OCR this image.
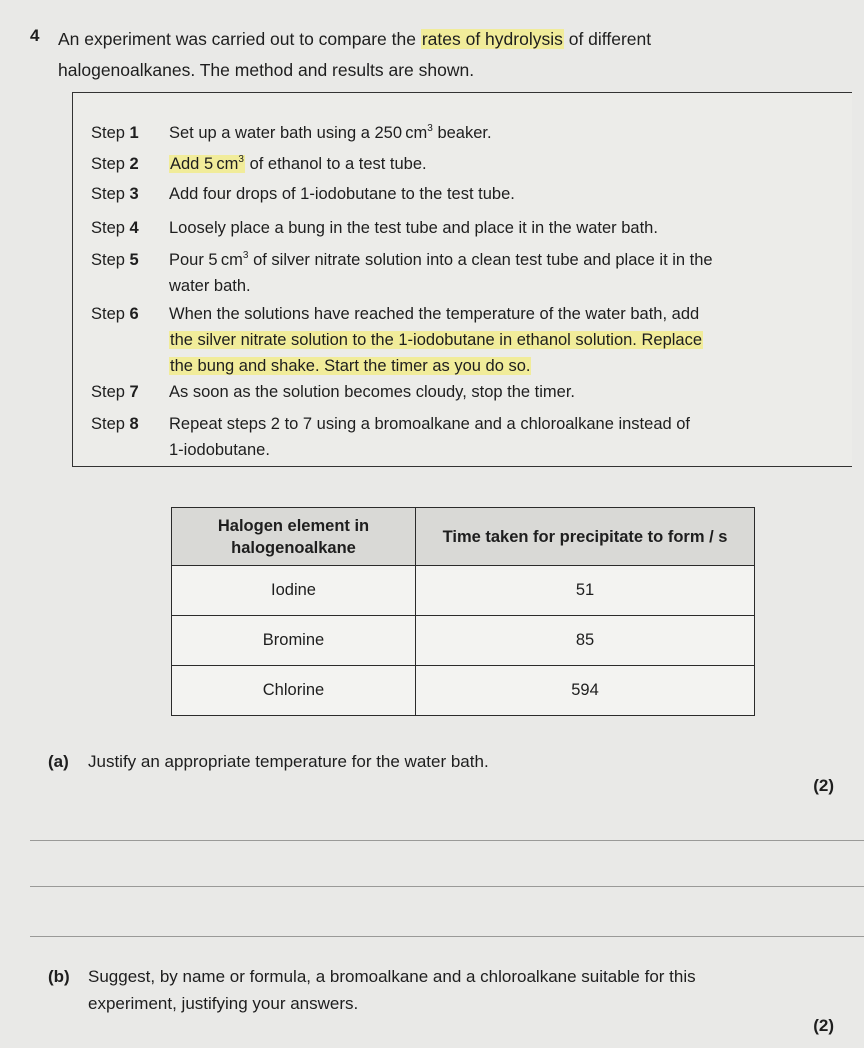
4 An experiment was carried out to compare the rates of hydrolysis of different
halogenoalkanes. The method and results are shown.
Step 1	Set up a water bath using a 250 $cm^3$ beaker.
Step 2	Add 5 $cm^3$ of ethanol to a test tube.
Step 3	Add four drops of 1-iodobutane to the test tube.
Step 4	Loosely place a bung in the test tube and place it in the water bath.
Step 5	Pour 5 $cm^3$ of silver nitrate solution into a clean test tube and place it in the
water bath.
Step 6	When the solutions have reached the temperature of the water bath, add
the silver nitrate solution to the 1-iodobutane in ethanol solution. Replace
the bung and shake. Start the timer as you do so.
Step 7	As soon as the solution becomes cloudy, stop the timer.
Step 8	Repeat steps 2 to 7 using a bromoalkane and a chloroalkane instead of
1-iodobutane.
Halogen element in
halogenoalkane	Time taken for precipitate to form / s
Iodine	51
Bromine	85
Chlorine	594
(a) Justify an appropriate temperature for the water bath.
(2)
(b) Suggest, by name or formula, a bromoalkane and a chloroalkane suitable for this
experiment, justifying your answers.
(2)
